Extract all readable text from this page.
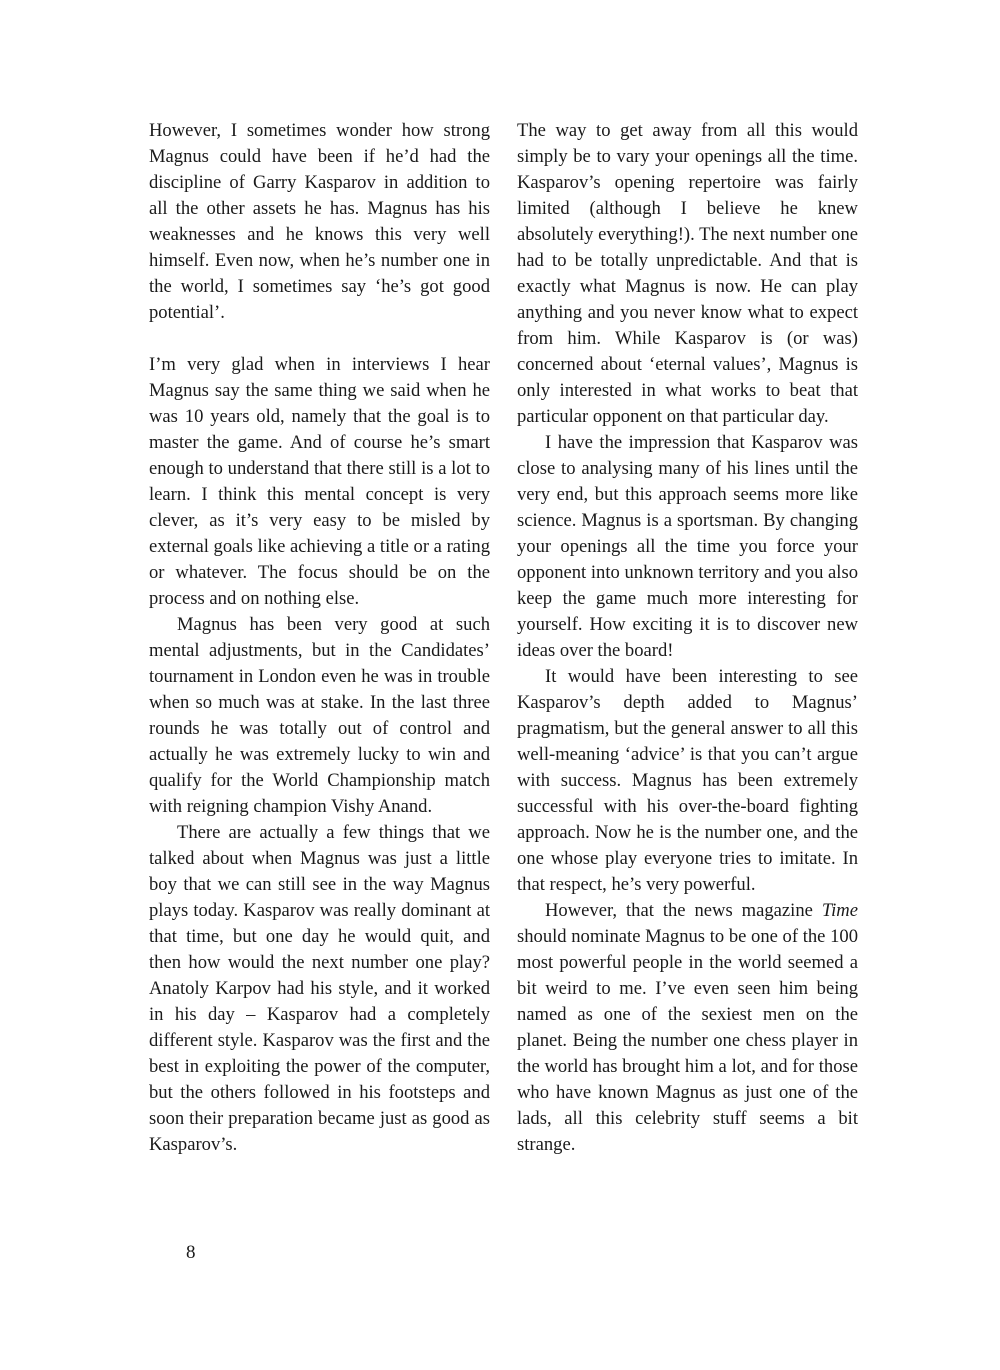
However, I sometimes wonder how strong Magnus could have been if he’d had the discipline of Garry Kasparov in addition to all the other assets he has. Magnus has his weaknesses and he knows this very well himself. Even now, when he’s number one in the world, I sometimes say ‘he’s got good potential’.

I’m very glad when in interviews I hear Magnus say the same thing we said when he was 10 years old, namely that the goal is to master the game. And of course he’s smart enough to understand that there still is a lot to learn. I think this mental concept is very clever, as it’s very easy to be misled by external goals like achieving a title or a rating or whatever. The focus should be on the process and on nothing else.

Magnus has been very good at such mental adjustments, but in the Candidates’ tournament in London even he was in trouble when so much was at stake. In the last three rounds he was totally out of control and actually he was extremely lucky to win and qualify for the World Championship match with reigning champion Vishy Anand.

There are actually a few things that we talked about when Magnus was just a little boy that we can still see in the way Magnus plays today. Kasparov was really dominant at that time, but one day he would quit, and then how would the next number one play? Anatoly Karpov had his style, and it worked in his day – Kasparov had a completely different style. Kasparov was the first and the best in exploiting the power of the computer, but the others followed in his footsteps and soon their preparation became just as good as Kasparov’s.

The way to get away from all this would simply be to vary your openings all the time. Kasparov’s opening repertoire was fairly limited (although I believe he knew absolutely everything!). The next number one had to be totally unpredictable. And that is exactly what Magnus is now. He can play anything and you never know what to expect from him. While Kasparov is (or was) concerned about ‘eternal values’, Magnus is only interested in what works to beat that particular opponent on that particular day.

I have the impression that Kasparov was close to analysing many of his lines until the very end, but this approach seems more like science. Magnus is a sportsman. By changing your openings all the time you force your opponent into unknown territory and you also keep the game much more interesting for yourself. How exciting it is to discover new ideas over the board!

It would have been interesting to see Kasparov’s depth added to Magnus’ pragmatism, but the general answer to all this well-meaning ‘advice’ is that you can’t argue with success. Magnus has been extremely successful with his over-the-board fighting approach. Now he is the number one, and the one whose play everyone tries to imitate. In that respect, he’s very powerful.

However, that the news magazine Time should nominate Magnus to be one of the 100 most powerful people in the world seemed a bit weird to me. I’ve even seen him being named as one of the sexiest men on the planet. Being the number one chess player in the world has brought him a lot, and for those who have known Magnus as just one of the lads, all this celebrity stuff seems a bit strange.

8
